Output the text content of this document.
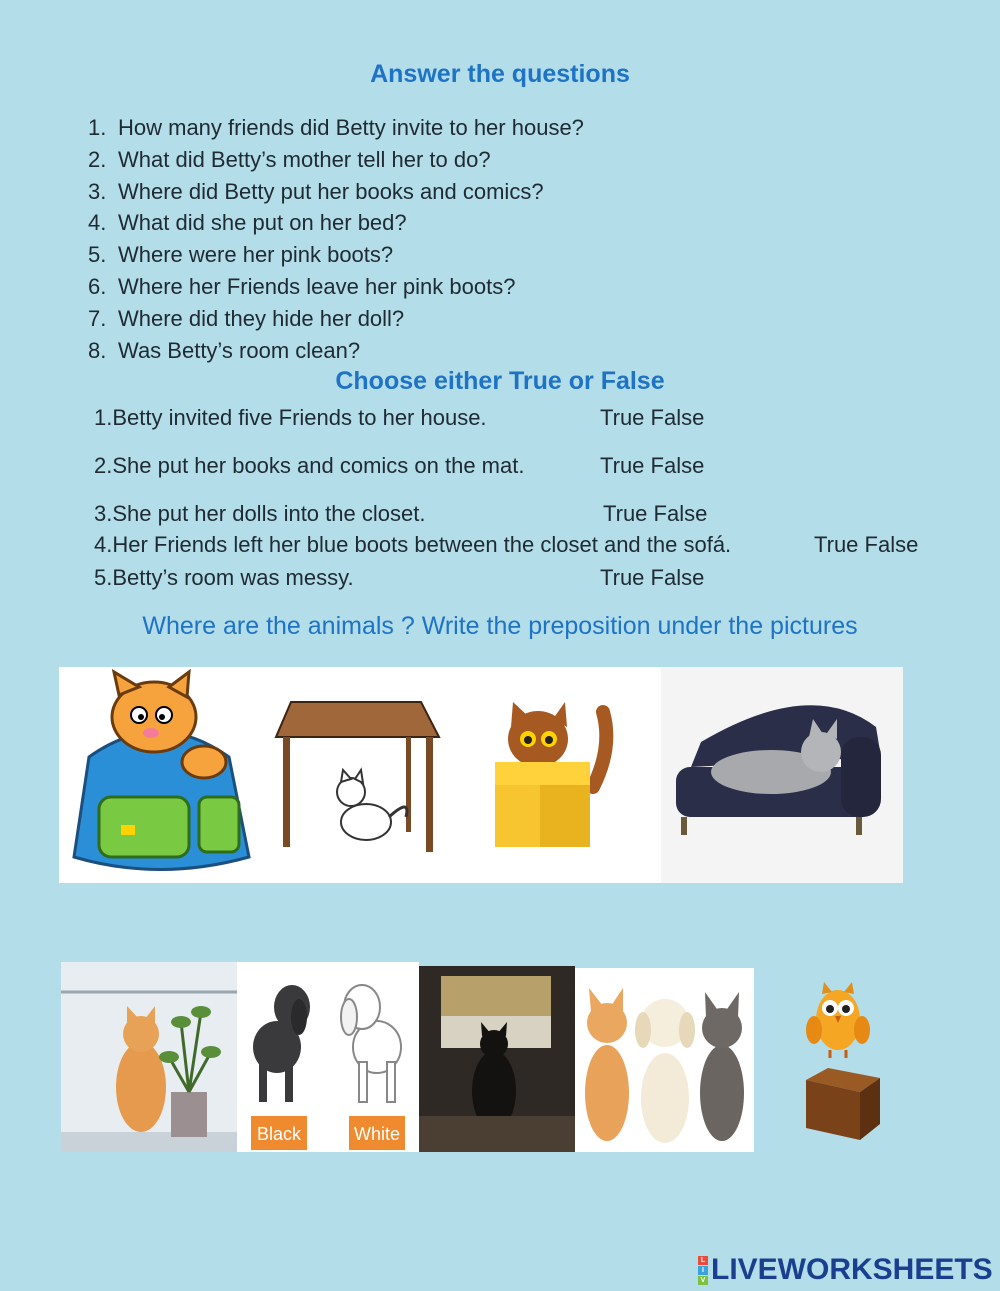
Answer the questions
1. How many friends did Betty invite to her house?
2. What did Betty’s mother tell her to do?
3. Where did Betty put her books and comics?
4. What did she put on her bed?
5. Where were her pink boots?
6. Where her Friends leave her pink boots?
7. Where did they hide her doll?
8. Was Betty’s room clean?
Choose either True or False
1.Betty invited five Friends to her house.	True False
2.She put her books and comics on the mat.	True False
3.She put her dolls into the closet.	True False
4.Her Friends left her blue boots between the closet and the sofá.	True False
5.Betty’s room was messy.	True False
Where are the animals ? Write the preposition under the pictures
Black	White
L
I
V LIVEWORKSHEETS
